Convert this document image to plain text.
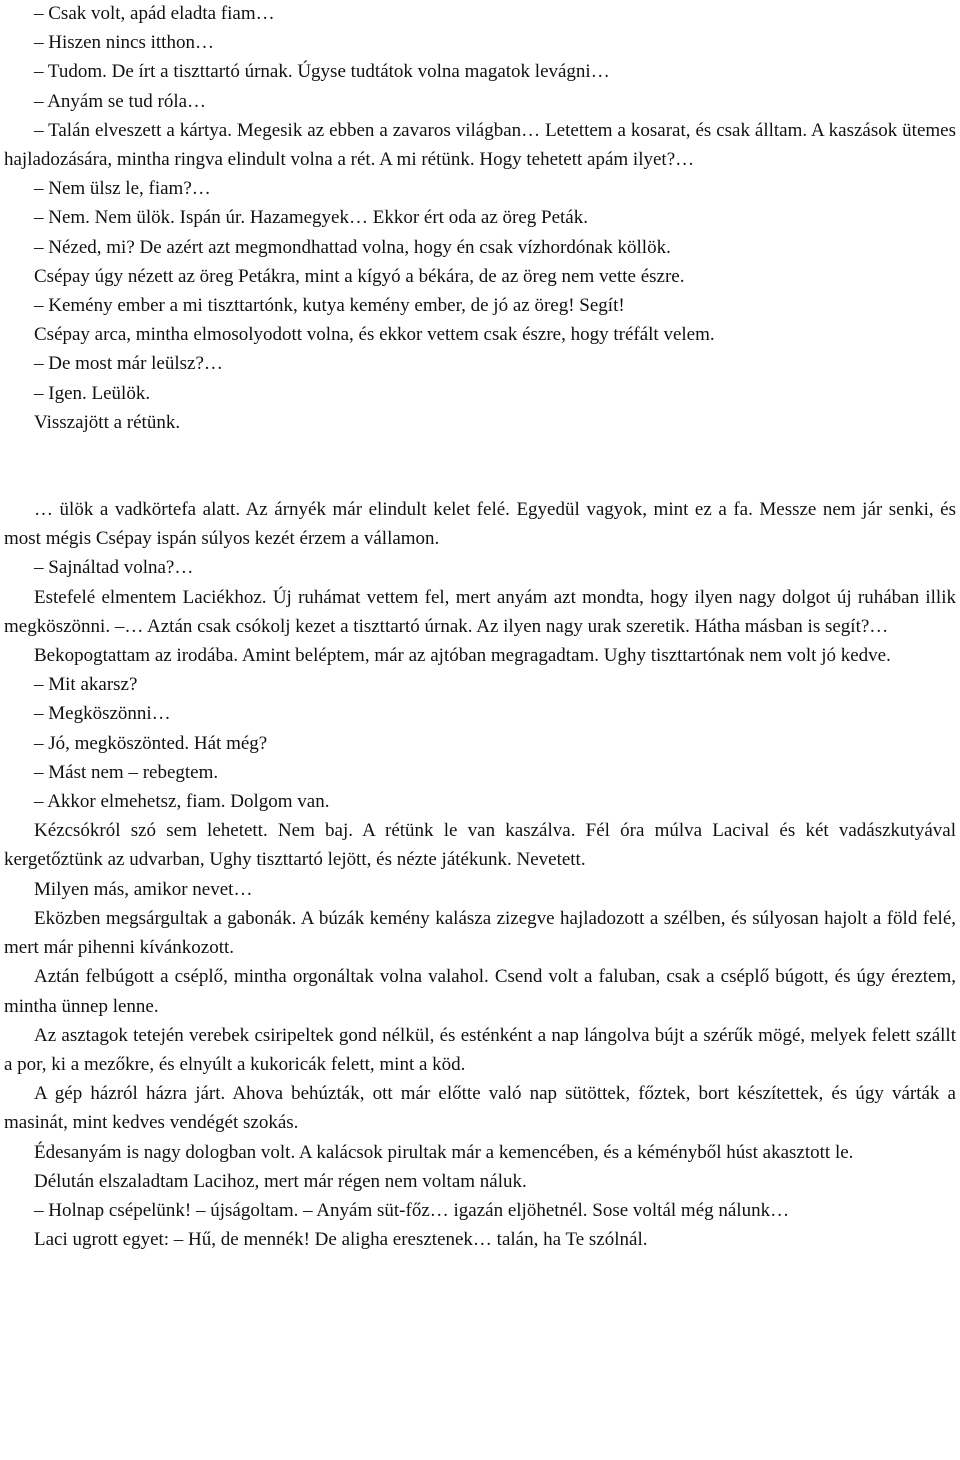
– Csak volt, apád eladta fiam…

– Hiszen nincs itthon…

– Tudom. De írt a tiszttartó úrnak. Úgyse tudtátok volna magatok levágni…

– Anyám se tud róla…

– Talán elveszett a kártya. Megesik az ebben a zavaros világban… Letettem a kosarat, és csak álltam. A kaszások ütemes hajladozására, mintha ringva elindult volna a rét. A mi rétünk. Hogy tehetett apám ilyet?…

– Nem ülsz le, fiam?…

– Nem. Nem ülök. Ispán úr. Hazamegyek… Ekkor ért oda az öreg Peták.

– Nézed, mi? De azért azt megmondhattad volna, hogy én csak vízhordónak köllök.

Csépay úgy nézett az öreg Petákra, mint a kígyó a békára, de az öreg nem vette észre.

– Kemény ember a mi tiszttartónk, kutya kemény ember, de jó az öreg! Segít!

Csépay arca, mintha elmosolyodott volna, és ekkor vettem csak észre, hogy tréfált velem.

– De most már leülsz?…

– Igen. Leülök.

Visszajött a rétünk.

… ülök a vadkörtefa alatt. Az árnyék már elindult kelet felé. Egyedül vagyok, mint ez a fa. Messze nem jár senki, és most mégis Csépay ispán súlyos kezét érzem a vállamon.

– Sajnáltad volna?…

Estefelé elmentem Laciékhoz. Új ruhámat vettem fel, mert anyám azt mondta, hogy ilyen nagy dolgot új ruhában illik megköszönni. –… Aztán csak csókolj kezet a tiszttartó úrnak. Az ilyen nagy urak szeretik. Hátha másban is segít?…

Bekopogtattam az irodába. Amint beléptem, már az ajtóban megragadtam. Ughy tiszttartónak nem volt jó kedve.

– Mit akarsz?

– Megköszönni…

– Jó, megköszönted. Hát még?

– Mást nem – rebegtem.

– Akkor elmehetsz, fiam. Dolgom van.

Kézcsókról szó sem lehetett. Nem baj. A rétünk le van kaszálva. Fél óra múlva Lacival és két vadászkutyával kergetőztünk az udvarban, Ughy tiszttartó lejött, és nézte játékunk. Nevetett.

Milyen más, amikor nevet…

Eközben megsárgultak a gabonák. A búzák kemény kalásza zizegve hajladozott a szélben, és súlyosan hajolt a föld felé, mert már pihenni kívánkozott.

Aztán felbúgott a cséplő, mintha orgonáltak volna valahol. Csend volt a faluban, csak a cséplő búgott, és úgy éreztem, mintha ünnep lenne.

Az asztagok tetején verebek csiripeltek gond nélkül, és esténként a nap lángolva bújt a szérűk mögé, melyek felett szállt a por, ki a mezőkre, és elnyúlt a kukoricák felett, mint a köd.

A gép házról házra járt. Ahova behúzták, ott már előtte való nap sütöttek, főztek, bort készítettek, és úgy várták a masinát, mint kedves vendégét szokás.

Édesanyám is nagy dologban volt. A kalácsok pirultak már a kemencében, és a kéményből húst akasztott le.

Délután elszaladtam Lacihoz, mert már régen nem voltam náluk.

– Holnap csépelünk! – újságoltam. – Anyám süt-főz… igazán eljöhetnél. Sose voltál még nálunk…

Laci ugrott egyet: – Hű, de mennék! De aligha eresztenek… talán, ha Te szólnál.
